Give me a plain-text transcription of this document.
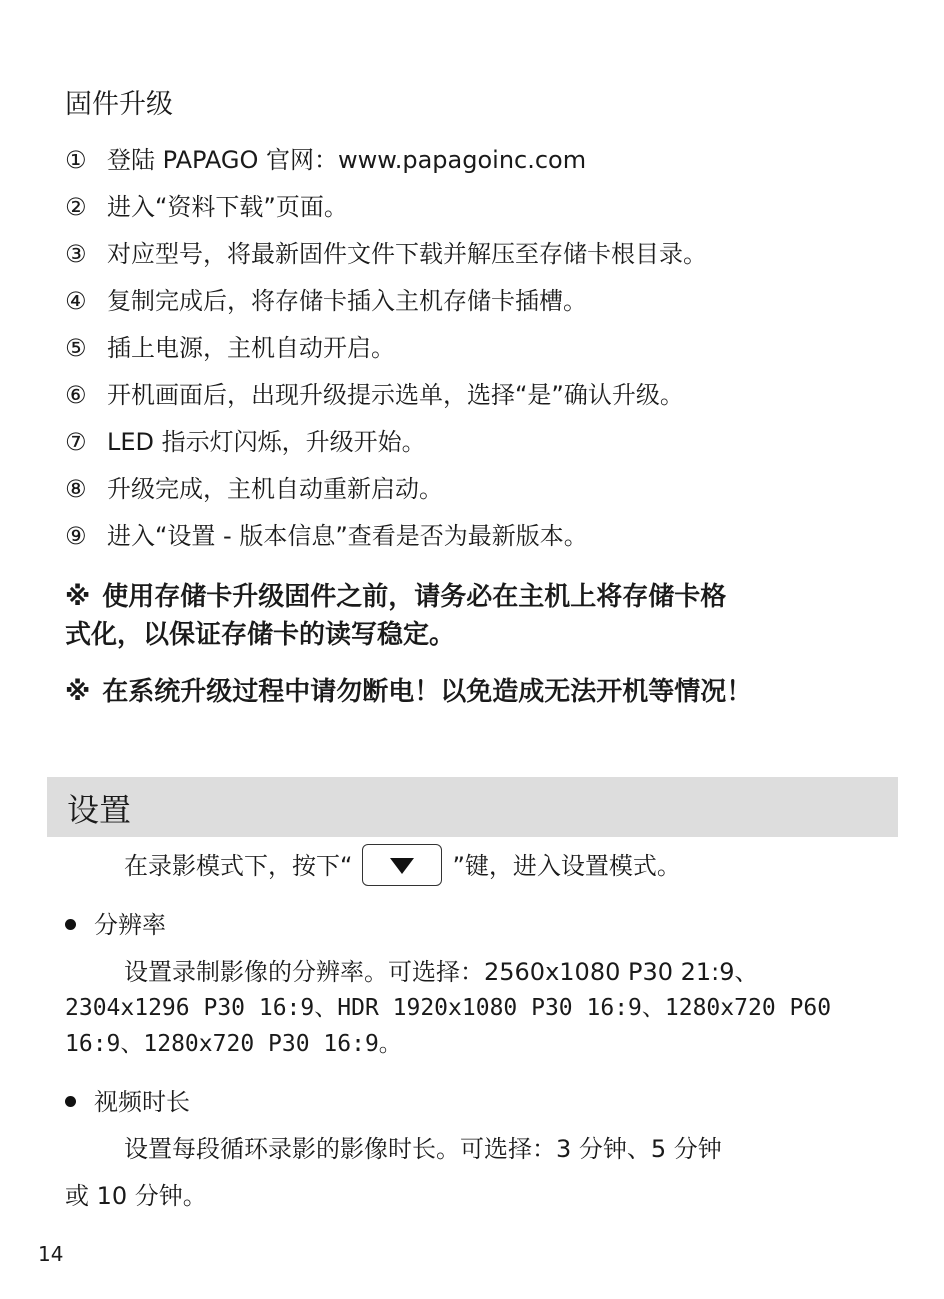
固件升级
① 登陆 PAPAGO 官网：www.papagoinc.com
② 进入“资料下载”页面。
③ 对应型号，将最新固件文件下载并解压至存储卡根目录。
④ 复制完成后，将存储卡插入主机存储卡插槽。
⑤ 插上电源，主机自动开启。
⑥ 开机画面后，出现升级提示选单，选择“是”确认升级。
⑦ LED 指示灯闪烁，升级开始。
⑧ 升级完成，主机自动重新启动。
⑨ 进入“设置 - 版本信息”查看是否为最新版本。
※ 使用存储卡升级固件之前，请务必在主机上将存储卡格
式化，以保证存储卡的读写稳定。
※ 在系统升级过程中请勿断电！以免造成无法开机等情况！
设置
在录影模式下，按下“	”键，进入设置模式。
分辨率
设置录制影像的分辨率。可选择：2560x1080 P30 21:9、
2304x1296 P30 16:9、HDR 1920x1080 P30 16:9、1280x720 P60
16:9、1280x720 P30 16:9。
视频时长
设置每段循环录影的影像时长。可选择：3 分钟、5 分钟
或 10 分钟。
14
